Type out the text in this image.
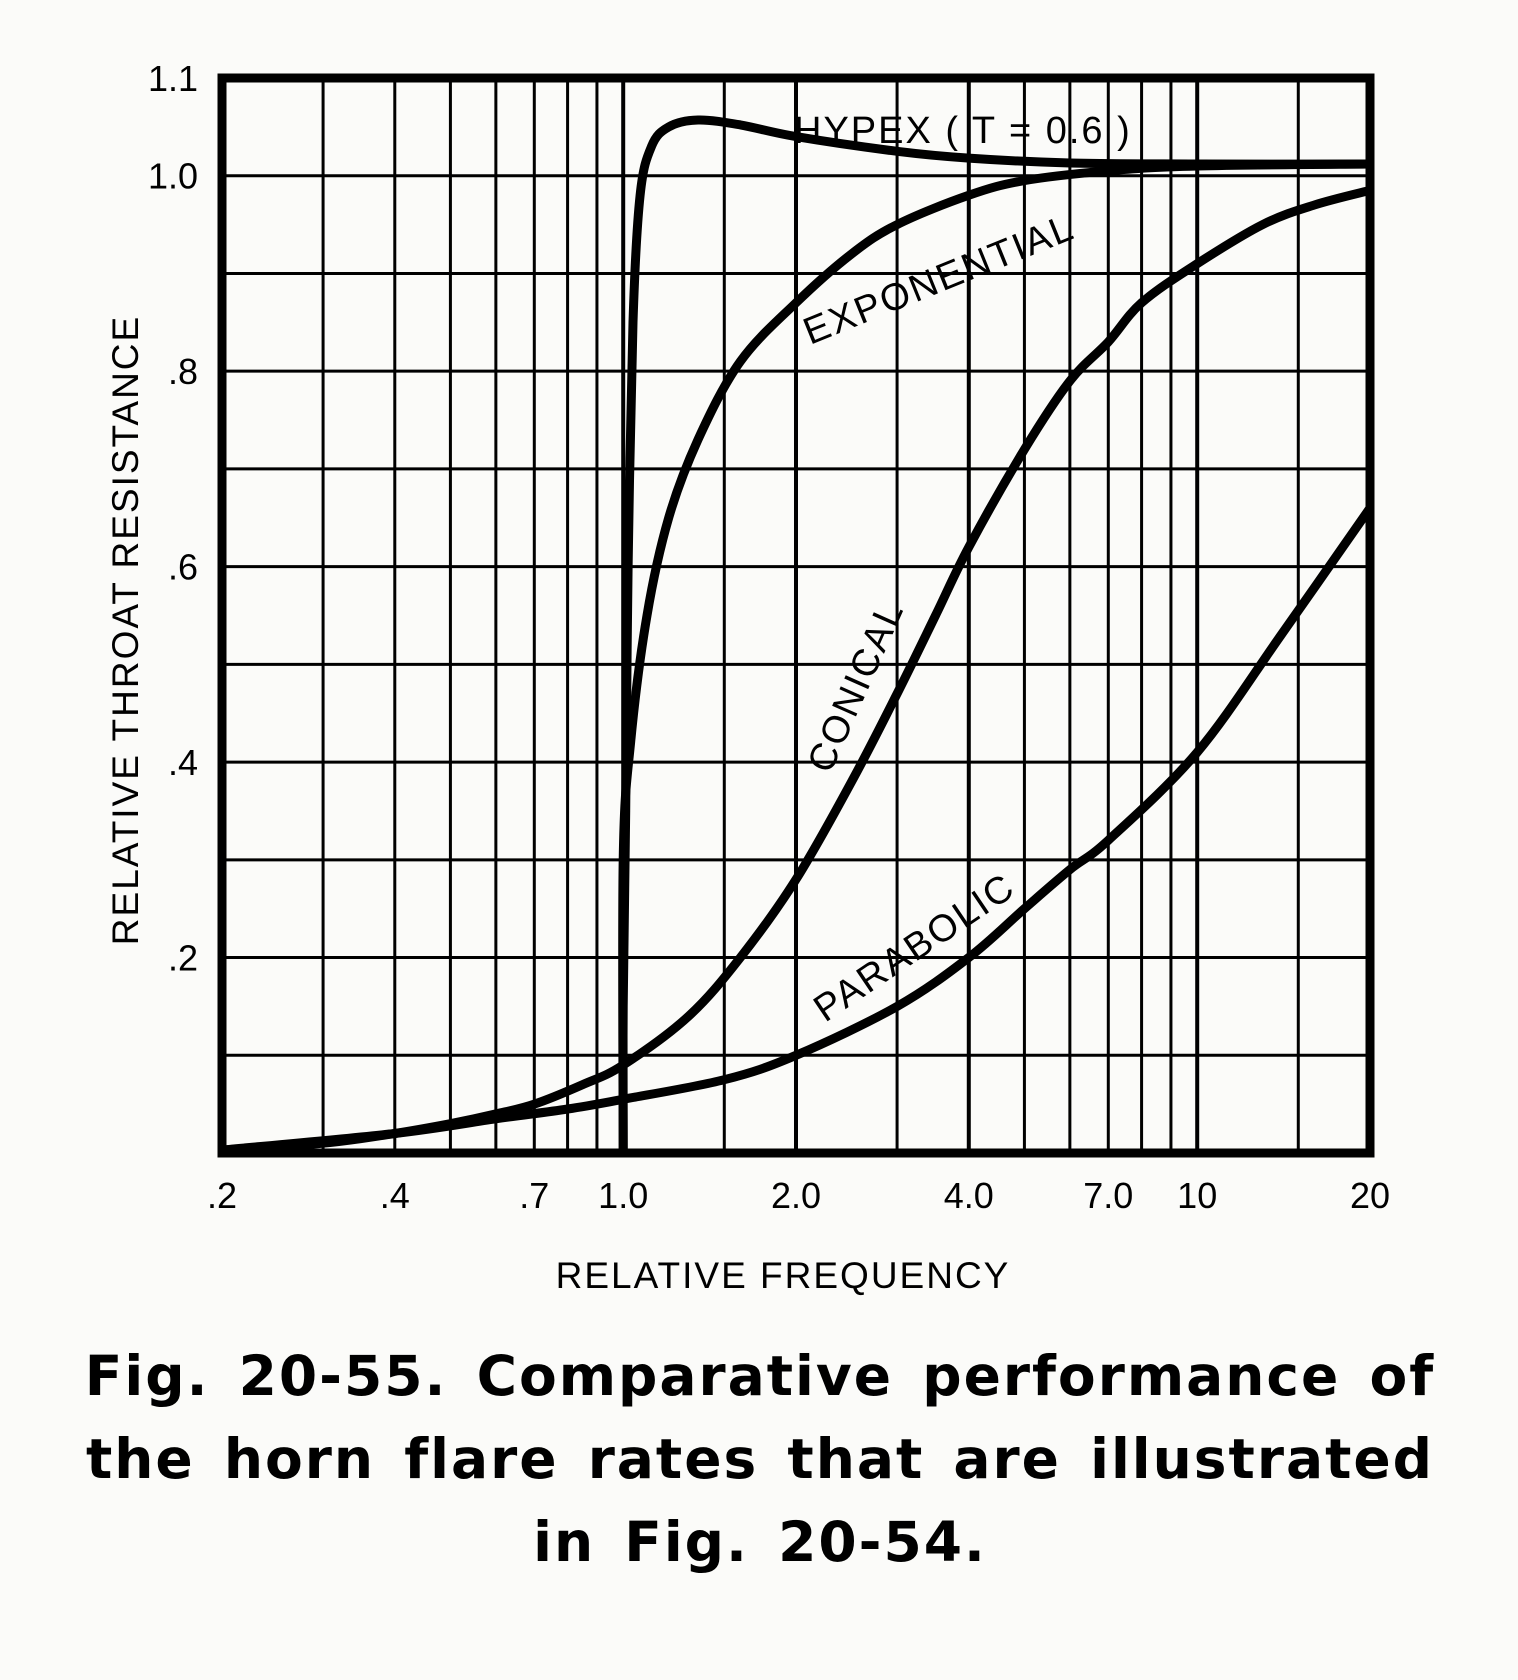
.2	.4	.7 1.0	2.0	4.0 7.0 10	20
.2
.4
.6
.8
1.0
1.1
HYPEX ( T = 0.6 )
EXPONENTIAL
CONICAL
PARABOLIC
RELATIVE FREQUENCY
RELATIVE THROAT RESISTANCE
Fig. 20-55. Comparative performance of
the horn flare rates that are illustrated
in Fig. 20-54.
